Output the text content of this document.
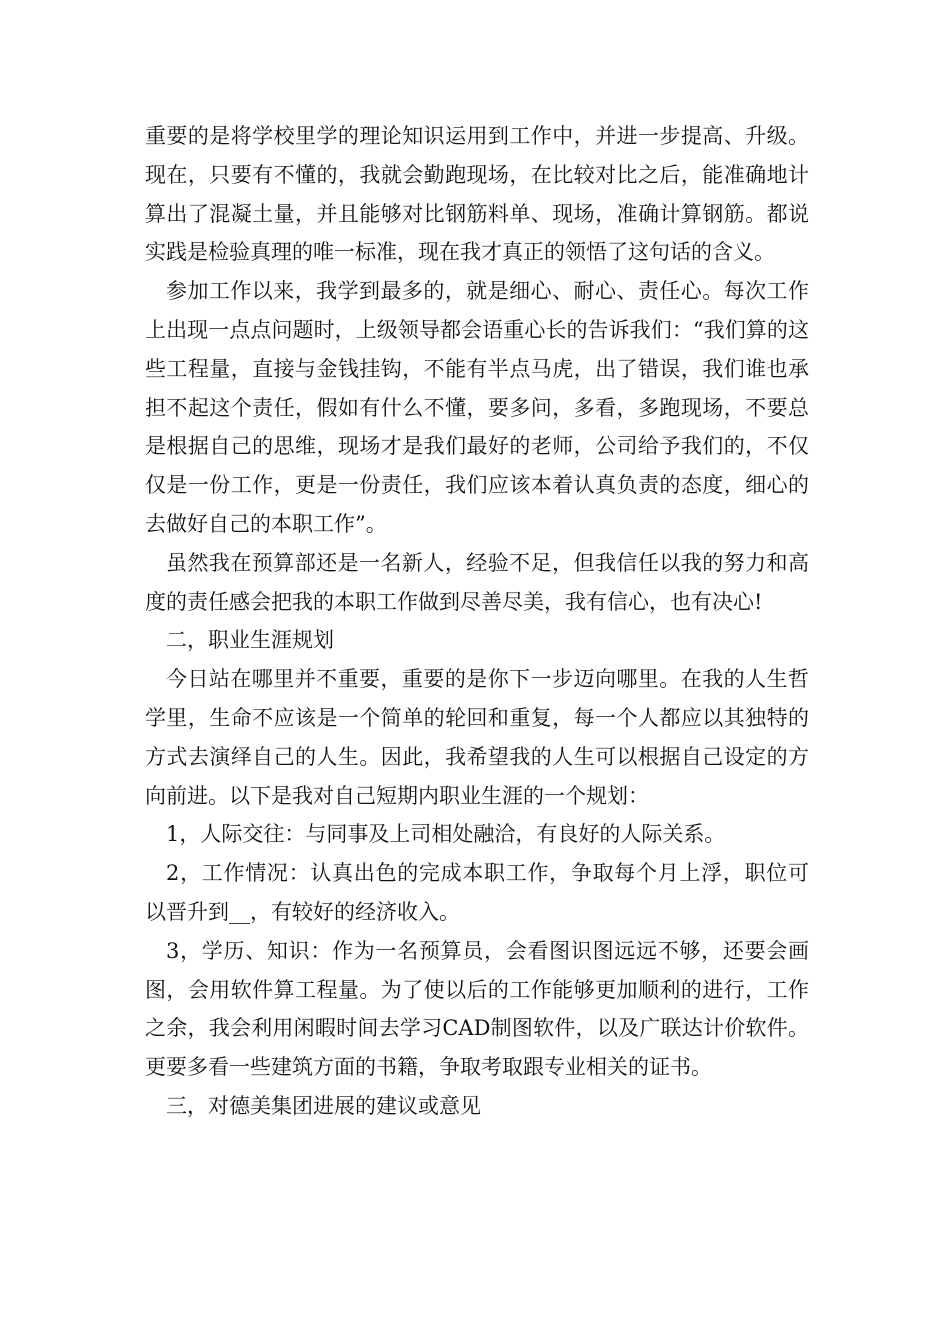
重要的是将学校里学的理论知识运用到工作中，并进一步提高、升级。现在，只要有不懂的，我就会勤跑现场，在比较对比之后，能准确地计算出了混凝土量，并且能够对比钢筋料单、现场，准确计算钢筋。都说实践是检验真理的唯一标准，现在我才真正的领悟了这句话的含义。

参加工作以来，我学到最多的，就是细心、耐心、责任心。每次工作上出现一点点问题时，上级领导都会语重心长的告诉我们：“我们算的这些工程量，直接与金钱挂钩，不能有半点马虎，出了错误，我们谁也承担不起这个责任，假如有什么不懂，要多问，多看，多跑现场，不要总是根据自己的思维，现场才是我们最好的老师，公司给予我们的，不仅仅是一份工作，更是一份责任，我们应该本着认真负责的态度，细心的去做好自己的本职工作”。

虽然我在预算部还是一名新人，经验不足，但我信任以我的努力和高度的责任感会把我的本职工作做到尽善尽美，我有信心，也有决心!

二，职业生涯规划

今日站在哪里并不重要，重要的是你下一步迈向哪里。在我的人生哲学里，生命不应该是一个简单的轮回和重复，每一个人都应以其独特的方式去演绎自己的人生。因此，我希望我的人生可以根据自己设定的方向前进。以下是我对自己短期内职业生涯的一个规划：

1，人际交往：与同事及上司相处融洽，有良好的人际关系。

2，工作情况：认真出色的完成本职工作，争取每个月上浮，职位可以晋升到__，有较好的经济收入。

3，学历、知识：作为一名预算员，会看图识图远远不够，还要会画图，会用软件算工程量。为了使以后的工作能够更加顺利的进行，工作之余，我会利用闲暇时间去学习CAD制图软件，以及广联达计价软件。更要多看一些建筑方面的书籍，争取考取跟专业相关的证书。

三，对德美集团进展的建议或意见
